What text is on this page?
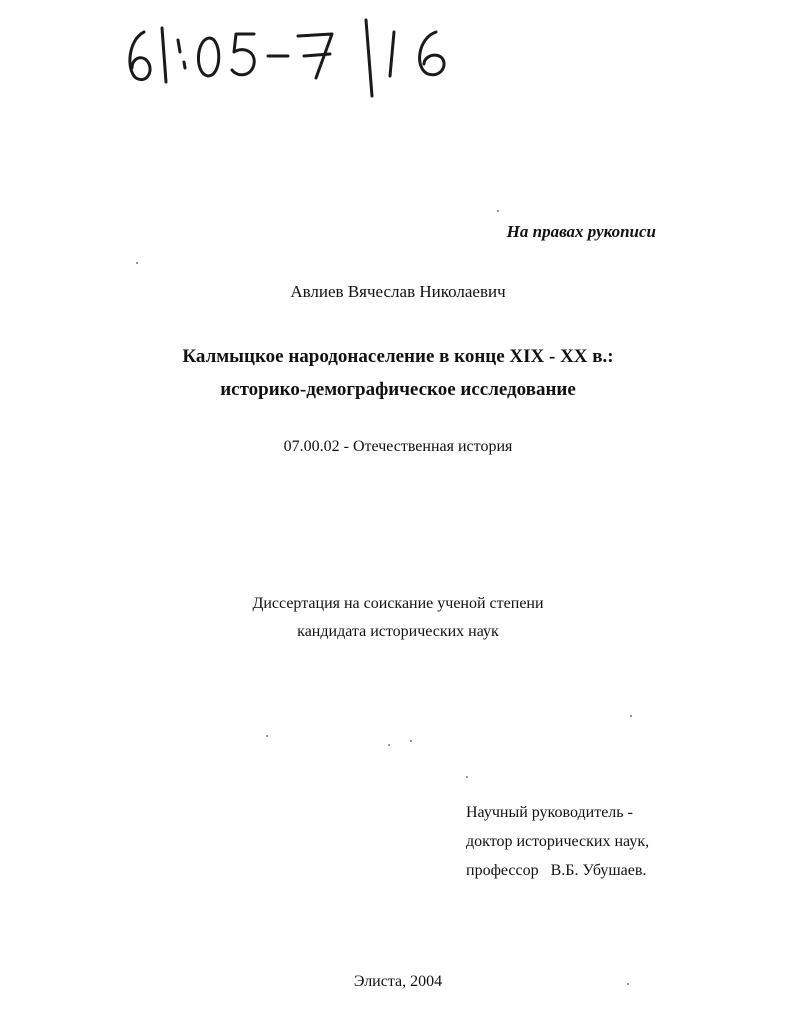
На правах рукописи
Авлиев Вячеслав Николаевич
Калмыцкое народонаселение в конце XIX - XX в.:
историко-демографическое исследование
07.00.02 - Отечественная история
Диссертация на соискание ученой степени
кандидата исторических наук
Научный руководитель -
доктор исторических наук,
профессор   В.Б. Убушаев.
Элиста, 2004
